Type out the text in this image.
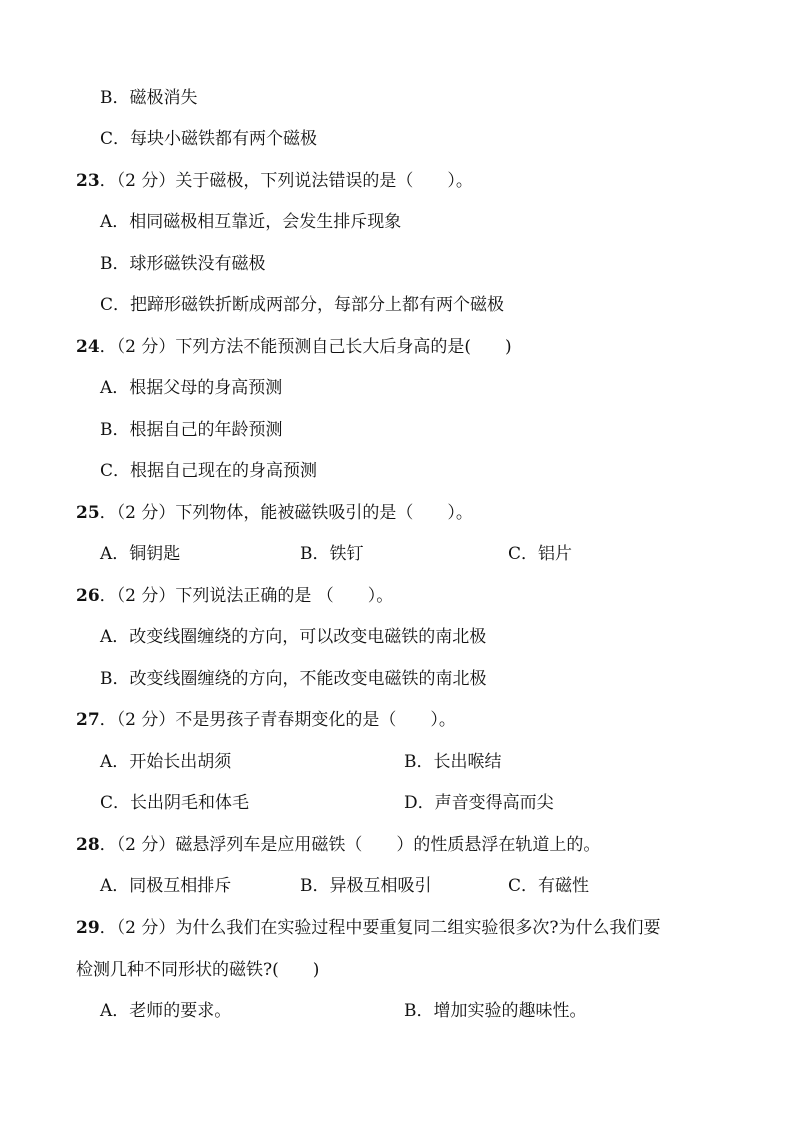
B．磁极消失
C．每块小磁铁都有两个磁极
23．（2 分）关于磁极，下列说法错误的是（　　）。
A．相同磁极相互靠近，会发生排斥现象
B．球形磁铁没有磁极
C．把蹄形磁铁折断成两部分，每部分上都有两个磁极
24．（2 分）下列方法不能预测自己长大后身高的是(　　)
A．根据父母的身高预测
B．根据自己的年龄预测
C．根据自己现在的身高预测
25．（2 分）下列物体，能被磁铁吸引的是（　　）。
A．铜钥匙	B．铁钉	C．铝片
26．（2 分）下列说法正确的是 （　　）。
A．改变线圈缠绕的方向，可以改变电磁铁的南北极
B．改变线圈缠绕的方向，不能改变电磁铁的南北极
27．（2 分）不是男孩子青春期变化的是（　　）。
A．开始长出胡须	B．长出喉结
C．长出阴毛和体毛	D．声音变得高而尖
28．（2 分）磁悬浮列车是应用磁铁（　　）的性质悬浮在轨道上的。
A．同极互相排斥	B．异极互相吸引	C．有磁性
29．（2 分）为什么我们在实验过程中要重复同二组实验很多次?为什么我们要
检测几种不同形状的磁铁?(　　)
A．老师的要求。	B．增加实验的趣味性。
